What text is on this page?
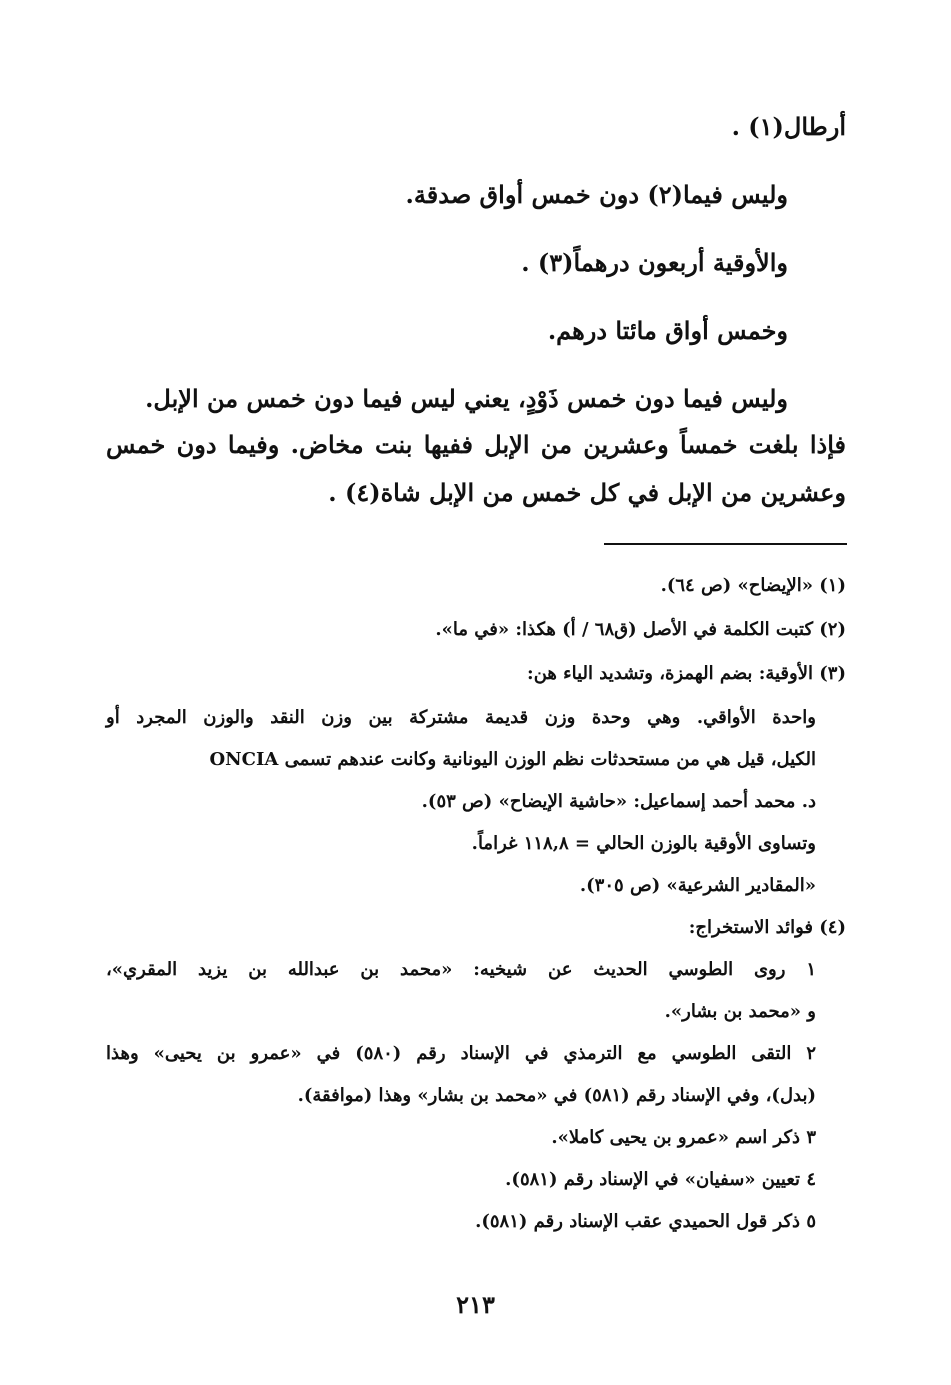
أرطال(١) .
وليس فيما(٢) دون خمس أواق صدقة.
والأوقية أربعون درهماً(٣) .
وخمس أواق مائتا درهم.
وليس فيما دون خمس ذَوْدٍ، يعني ليس فيما دون خمس من الإبل.
فإذا بلغت خمساً وعشرين من الإبل ففيها بنت مخاض. وفيما دون خمس
وعشرين من الإبل في كل خمس من الإبل شاة(٤) .
(١) «الإيضاح» (ص ٦٤).
(٢) كتبت الكلمة في الأصل (ق٦٨ / أ) هكذا: «في ما».
(٣) الأوقية: بضم الهمزة، وتشديد الياء هن:
واحدة الأواقي. وهي وحدة وزن قديمة مشتركة بين وزن النقد والوزن المجرد أو
الكيل، قيل هي من مستحدثات نظم الوزن اليونانية وكانت عندهم تسمى ONCIA
د. محمد أحمد إسماعيل: «حاشية الإيضاح» (ص ٥٣).
وتساوى الأوقية بالوزن الحالي = ١١٨,٨ غراماً.
«المقادير الشرعية» (ص ٣٠٥).
(٤) فوائد الاستخراج:
١ روى الطوسي الحديث عن شيخيه: «محمد بن عبدالله بن يزيد المقري»،
و «محمد بن بشار».
٢ التقى الطوسي مع الترمذي في الإسناد رقم (٥٨٠) في «عمرو بن يحيى» وهذا
(بدل)، وفي الإسناد رقم (٥٨١) في «محمد بن بشار» وهذا (موافقة).
٣ ذكر اسم «عمرو بن يحيى كاملا».
٤ تعيين «سفيان» في الإسناد رقم (٥٨١).
٥ ذكر قول الحميدي عقب الإسناد رقم (٥٨١).
٢١٣
